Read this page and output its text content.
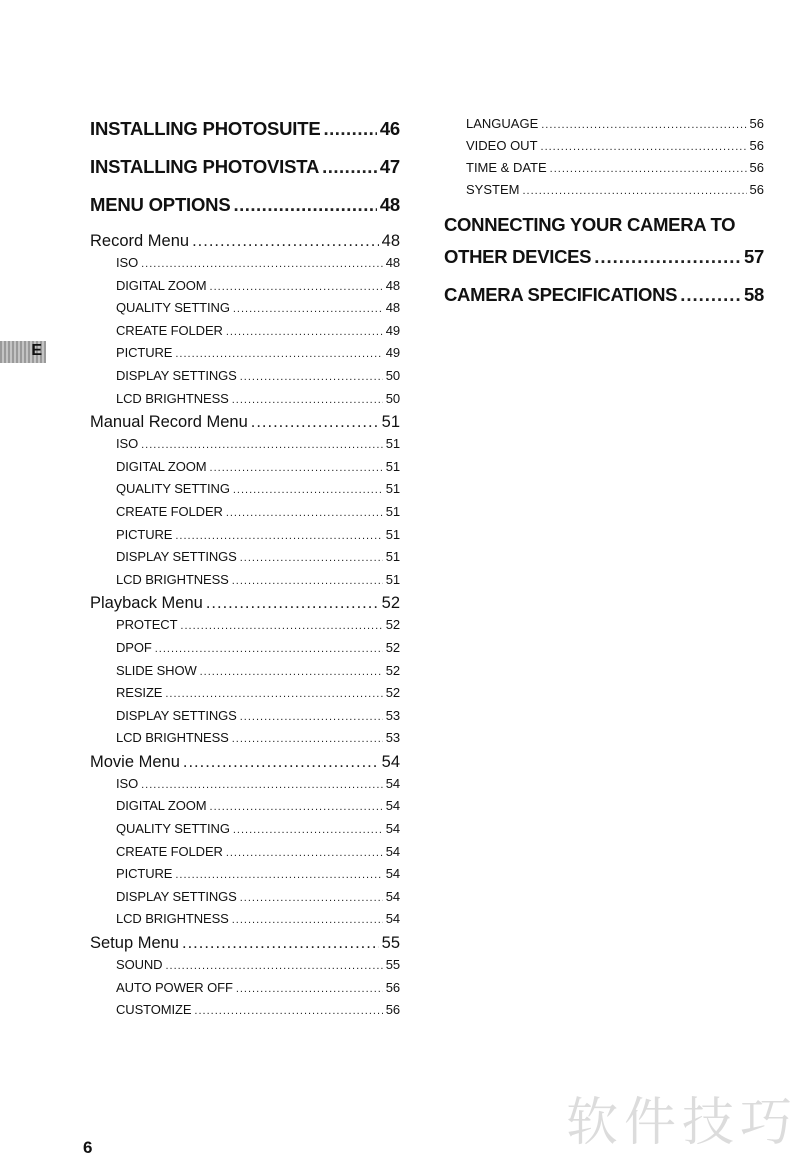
E
INSTALLING PHOTOSUITE .....	46
INSTALLING PHOTOVISTA .....	47
MENU OPTIONS .....	48
Record Menu .....	48
ISO .....	48
DIGITAL ZOOM .....	48
QUALITY SETTING .....	48
CREATE FOLDER .....	49
PICTURE .....	49
DISPLAY SETTINGS .....	50
LCD BRIGHTNESS .....	50
Manual Record Menu .....	51
ISO .....	51
DIGITAL ZOOM .....	51
QUALITY SETTING .....	51
CREATE FOLDER .....	51
PICTURE .....	51
DISPLAY SETTINGS .....	51
LCD BRIGHTNESS .....	51
Playback Menu .....	52
PROTECT .....	52
DPOF .....	52
SLIDE SHOW .....	52
RESIZE .....	52
DISPLAY SETTINGS .....	53
LCD BRIGHTNESS .....	53
Movie Menu .....	54
ISO .....	54
DIGITAL ZOOM .....	54
QUALITY SETTING .....	54
CREATE FOLDER .....	54
PICTURE .....	54
DISPLAY SETTINGS .....	54
LCD BRIGHTNESS .....	54
Setup Menu .....	55
SOUND .....	55
AUTO POWER OFF .....	56
CUSTOMIZE .....	56
LANGUAGE .....	56
VIDEO OUT .....	56
TIME & DATE .....	56
SYSTEM .....	56
CONNECTING YOUR CAMERA TO
OTHER DEVICES .....	57
CAMERA SPECIFICATIONS .....	58
6	软件技巧
